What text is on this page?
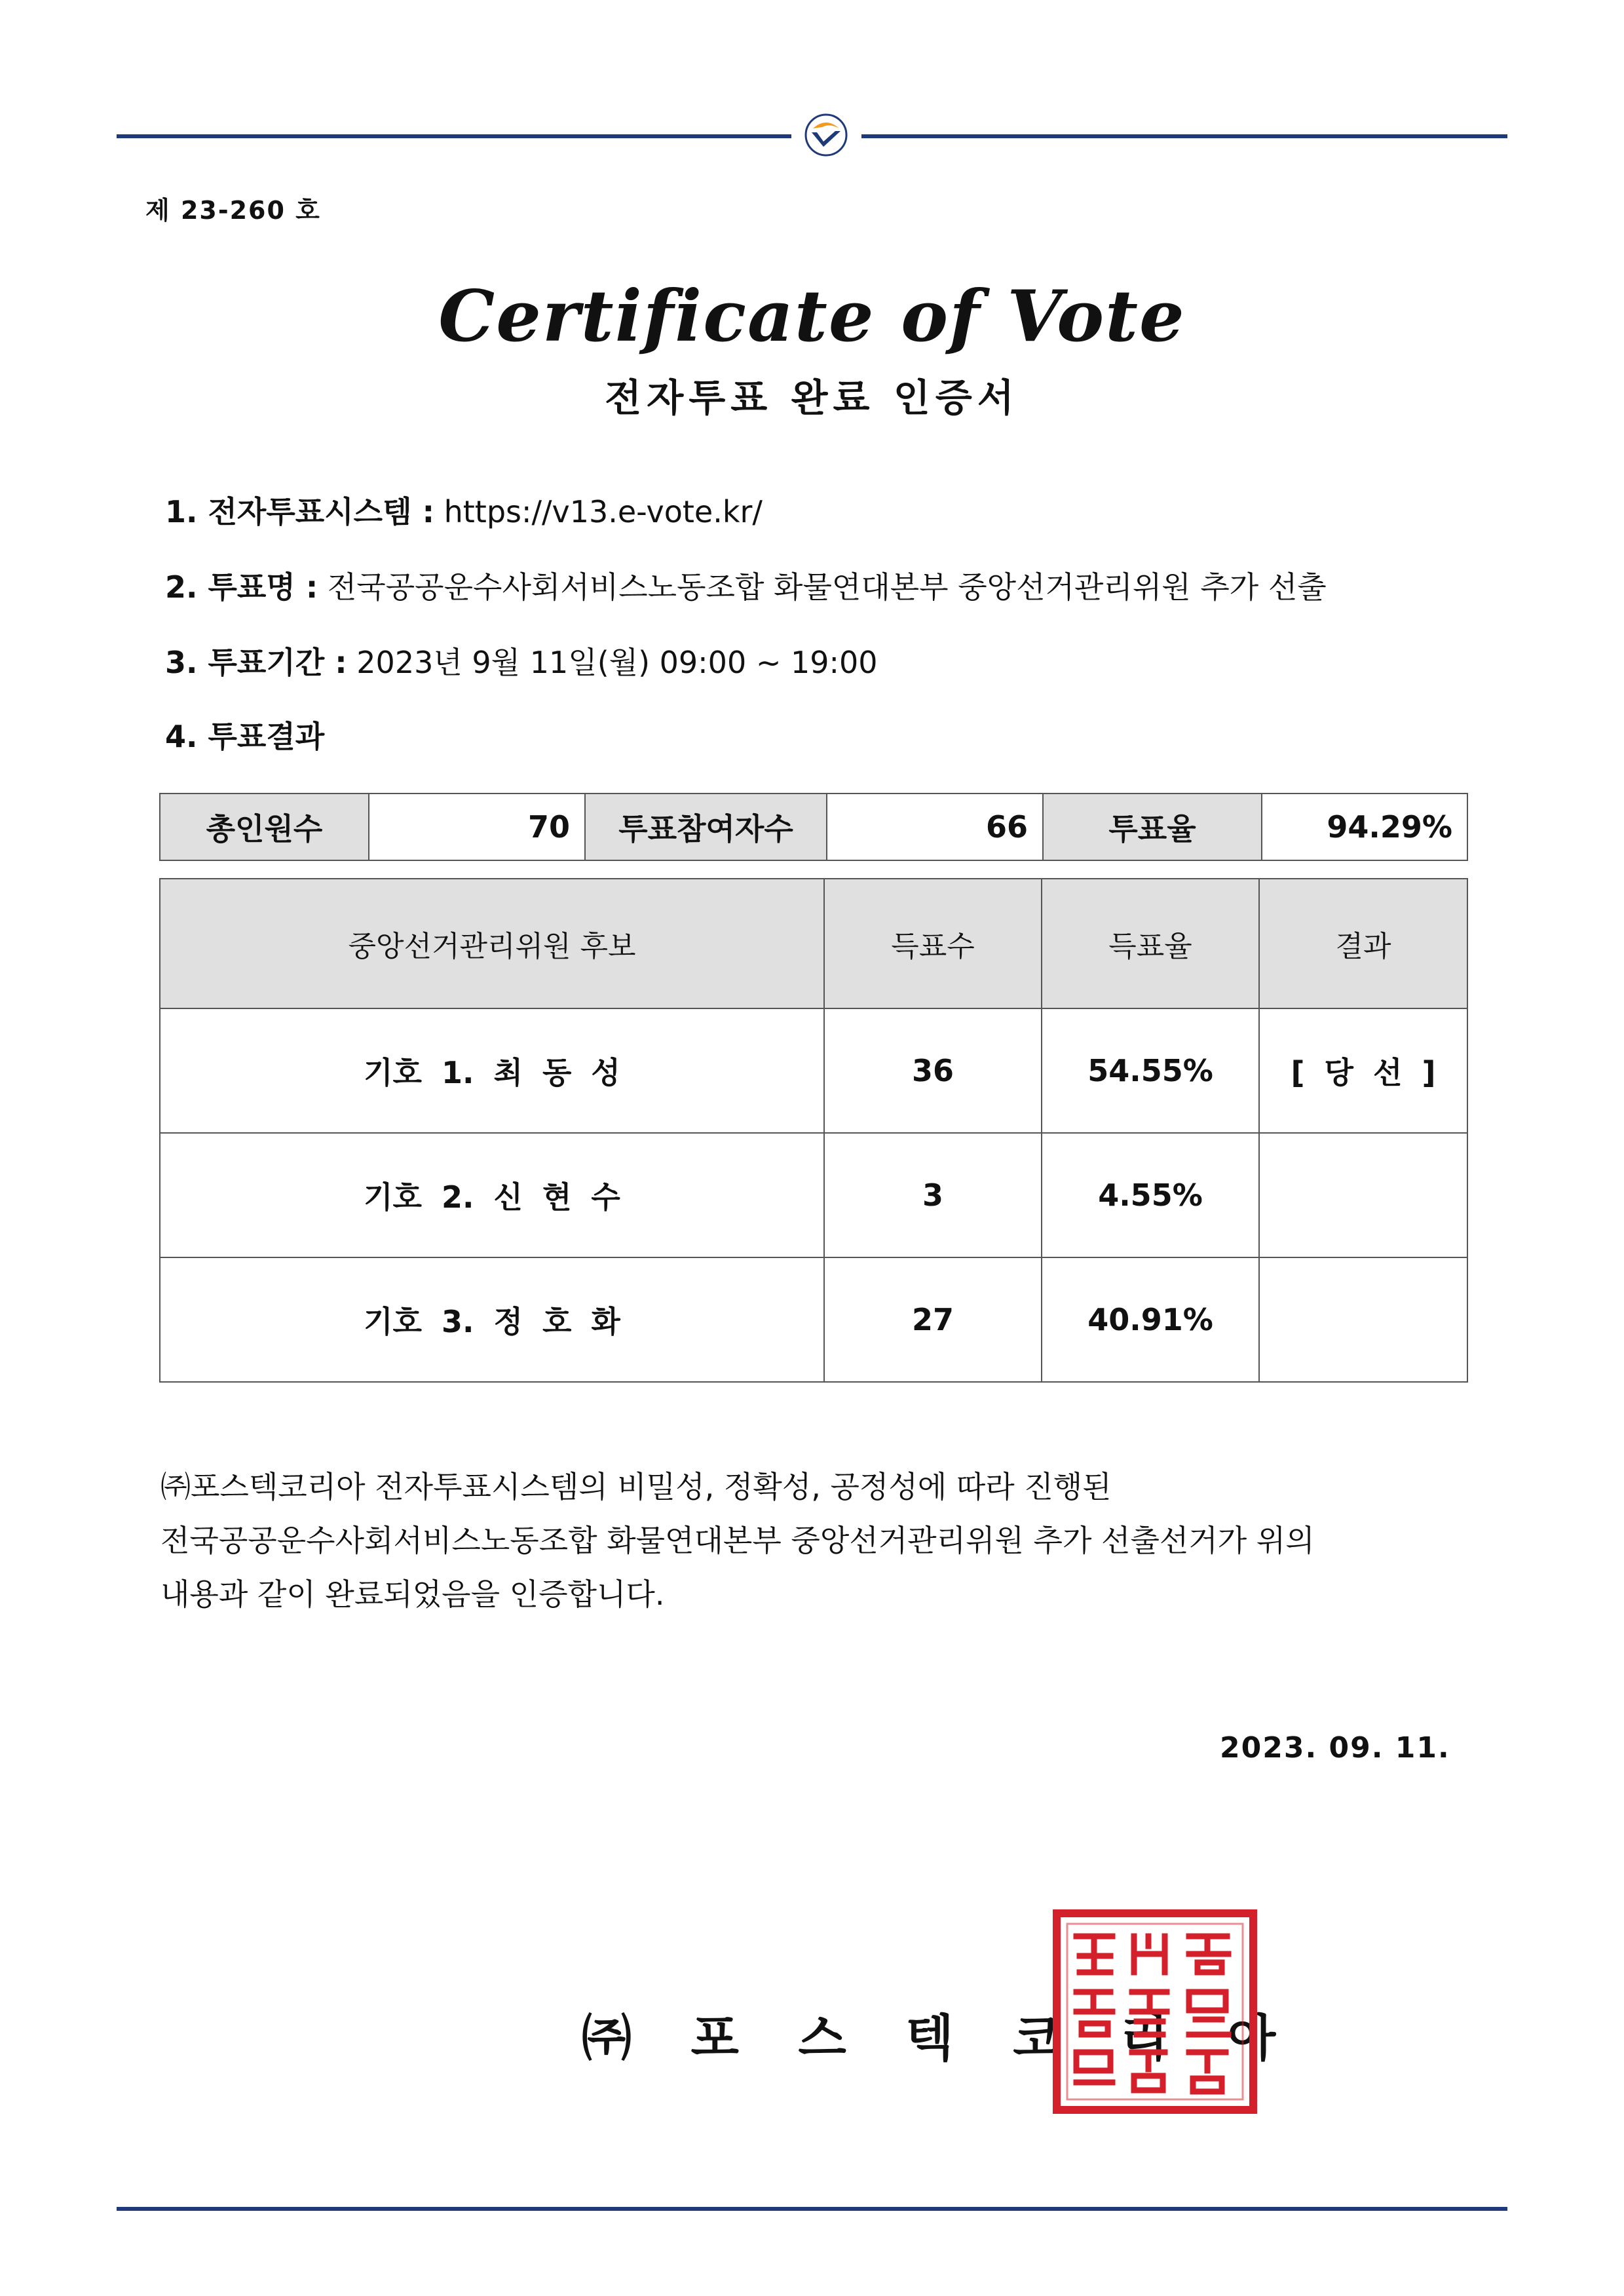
제 23-260 호
Certificate of Vote
전자투표 완료 인증서
1. 전자투표시스템 : https://v13.e-vote.kr/
2. 투표명 : 전국공공운수사회서비스노동조합 화물연대본부 중앙선거관리위원 추가 선출
3. 투표기간 : 2023년 9월 11일(월) 09:00 ~ 19:00
4. 투표결과
총인원수	70	투표참여자수	66	투표율	94.29%
중앙선거관리위원 후보	득표수	득표율	결과
기호 1. 최 동 성	36	54.55%	[ 당 선 ]
기호 2. 신 현 수	3	4.55%	
기호 3. 정 호 화	27	40.91%	

㈜포스텍코리아 전자투표시스템의 비밀성, 정확성, 공정성에 따라 진행된

전국공공운수사회서비스노동조합 화물연대본부 중앙선거관리위원 추가 선출선거가 위의

내용과 같이 완료되었음을 인증합니다.

2023. 09. 11.
㈜ 포 스 텍 코 리 아
